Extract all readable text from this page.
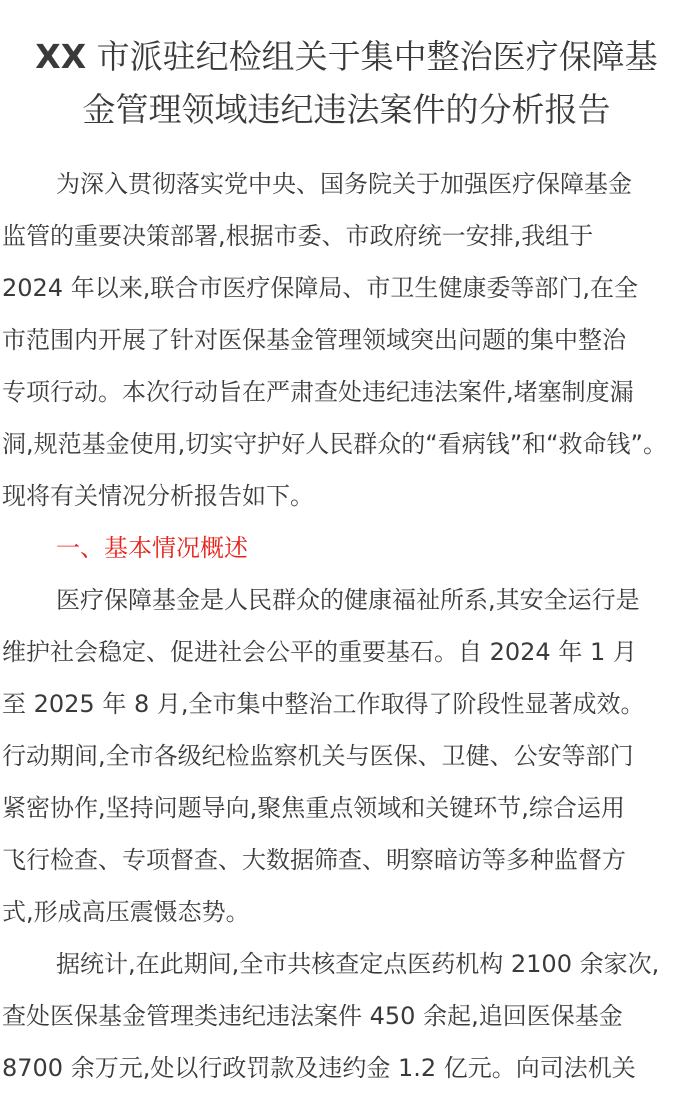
XX 市派驻纪检组关于集中整治医疗保障基
金管理领域违纪违法案件的分析报告
为深入贯彻落实党中央、国务院关于加强医疗保障基金
监管的重要决策部署,根据市委、市政府统一安排,我组于
2024 年以来,联合市医疗保障局、市卫生健康委等部门,在全
市范围内开展了针对医保基金管理领域突出问题的集中整治
专项行动。本次行动旨在严肃查处违纪违法案件,堵塞制度漏
洞,规范基金使用,切实守护好人民群众的“看病钱”和“救命钱”。
现将有关情况分析报告如下。
一、基本情况概述
医疗保障基金是人民群众的健康福祉所系,其安全运行是
维护社会稳定、促进社会公平的重要基石。自 2024 年 1 月
至 2025 年 8 月,全市集中整治工作取得了阶段性显著成效。
行动期间,全市各级纪检监察机关与医保、卫健、公安等部门
紧密协作,坚持问题导向,聚焦重点领域和关键环节,综合运用
飞行检查、专项督查、大数据筛查、明察暗访等多种监督方
式,形成高压震慑态势。
据统计,在此期间,全市共核查定点医药机构 2100 余家次,
查处医保基金管理类违纪违法案件 450 余起,追回医保基金
8700 余万元,处以行政罚款及违约金 1.2 亿元。向司法机关
